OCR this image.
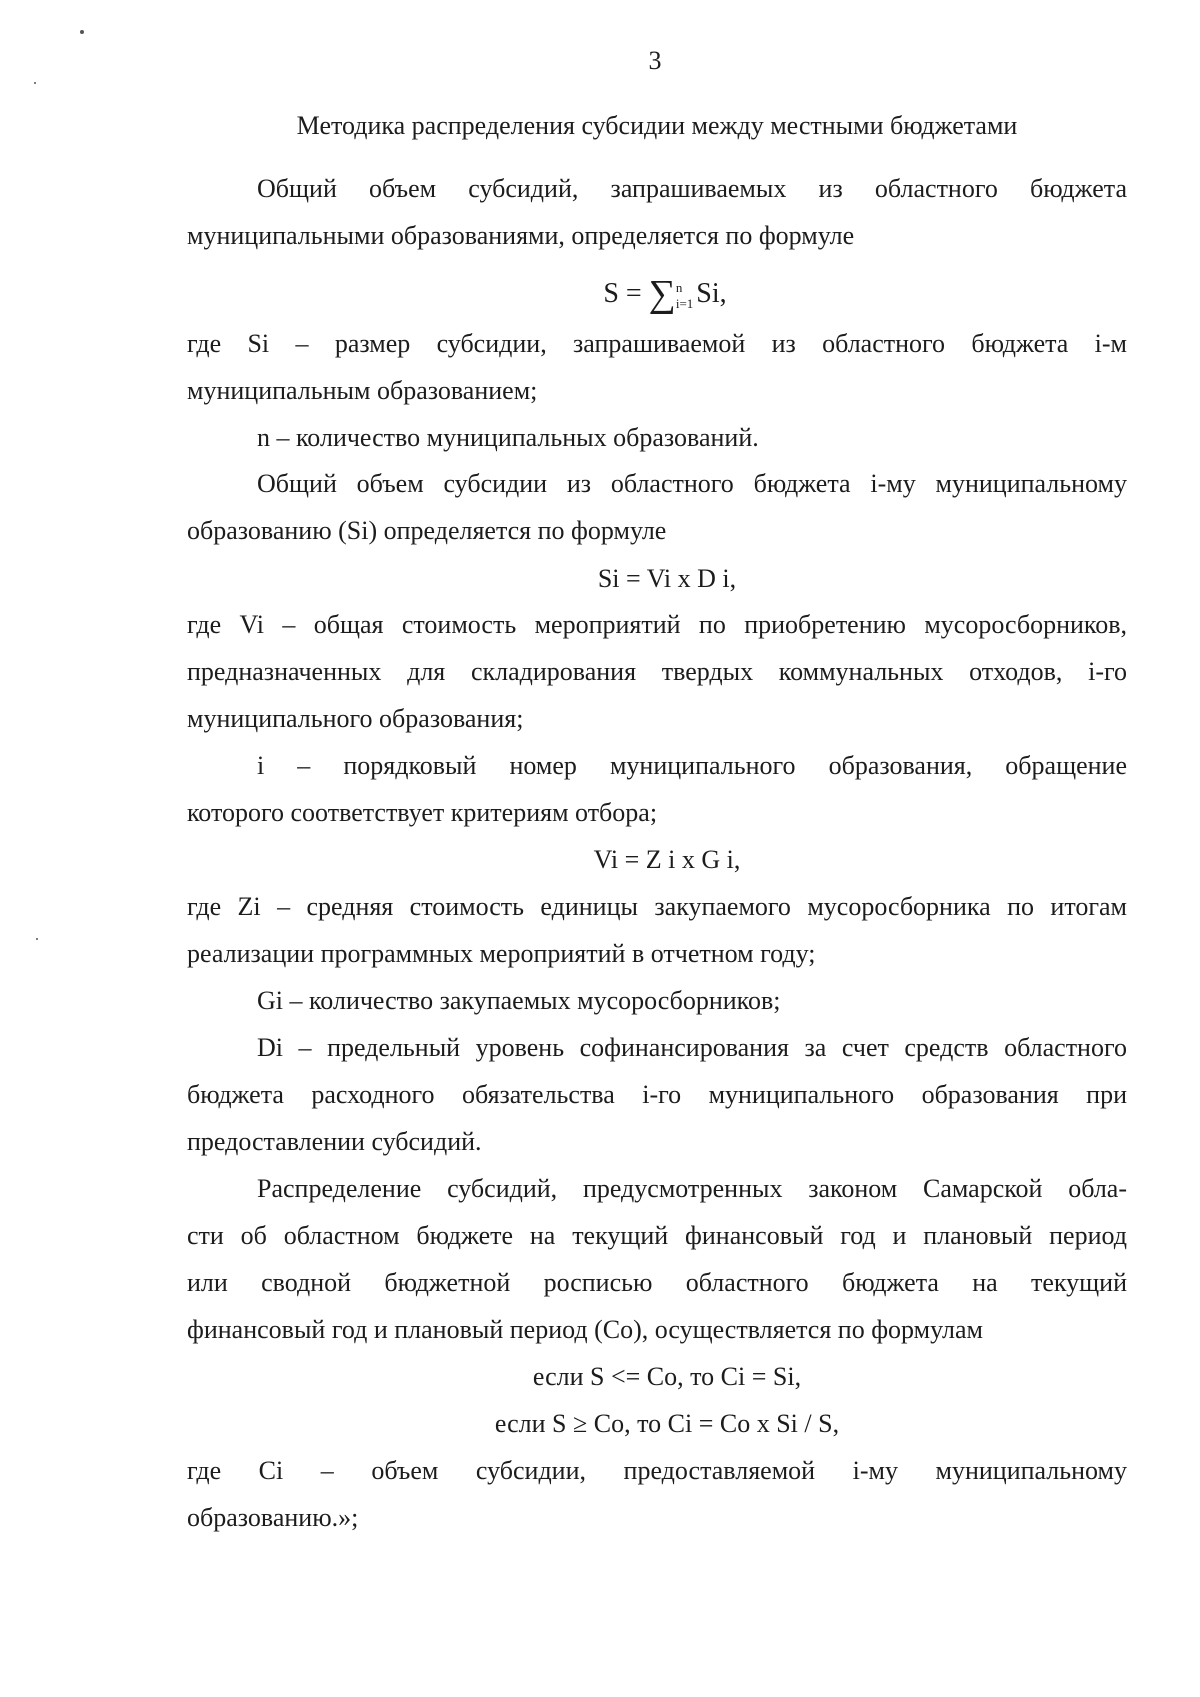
3
Методика распределения субсидии между местными бюджетами
Общий объем субсидий, запрашиваемых из областного бюджета
муниципальными образованиями, определяется по формуле
S = ∑ n
i=1 Si,
где Si – размер субсидии, запрашиваемой из областного бюджета i-м
муниципальным образованием;
n – количество муниципальных образований.
Общий объем субсидии из областного бюджета i-му муниципальному
образованию (Si) определяется по формуле
Si = Vi x D i,
где Vi – общая стоимость мероприятий по приобретению мусоросборников,
предназначенных для складирования твердых коммунальных отходов, i-го
муниципального образования;
i – порядковый номер муниципального образования, обращение
которого соответствует критериям отбора;
Vi = Z i x G i,
где Zi – средняя стоимость единицы закупаемого мусоросборника по итогам
реализации программных мероприятий в отчетном году;
Gi – количество закупаемых мусоросборников;
Di – предельный уровень софинансирования за счет средств областного
бюджета расходного обязательства i-го муниципального образования при
предоставлении субсидий.
Распределение субсидий, предусмотренных законом Самарской обла-
сти об областном бюджете на текущий финансовый год и плановый период
или сводной бюджетной росписью областного бюджета на текущий
финансовый год и плановый период (Со), осуществляется по формулам
если S <= Со, то Ci = Si,
если S ≥ Со, то Ci = Со x Si / S,
где Ci – объем субсидии, предоставляемой i-му муниципальному
образованию.»;
